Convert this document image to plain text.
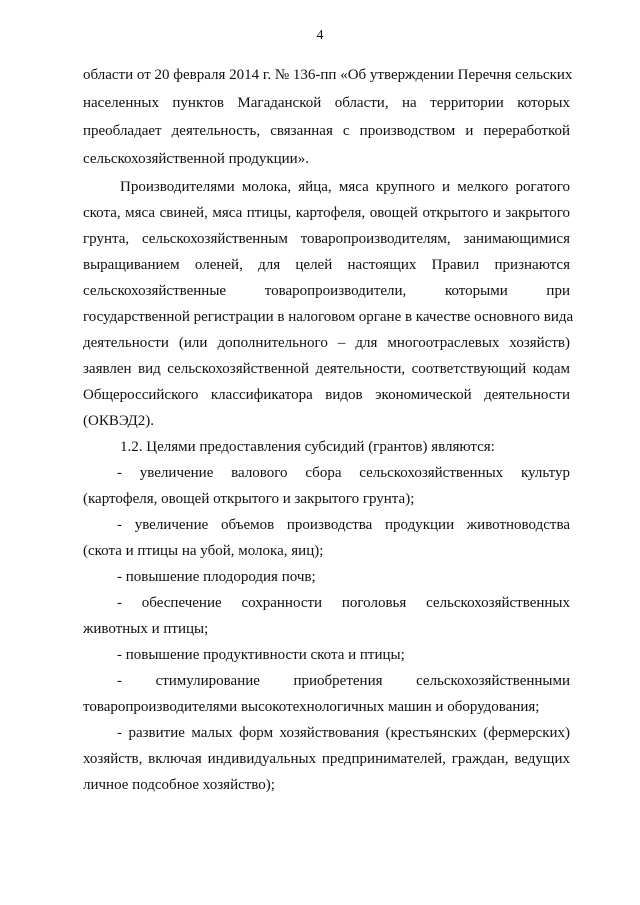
4
области от 20 февраля 2014 г. № 136-пп «Об утверждении Перечня сельских
населенных пунктов Магаданской области, на территории которых
преобладает деятельность, связанная с производством и переработкой
сельскохозяйственной продукции».
Производителями молока, яйца, мяса крупного и мелкого рогатого
скота, мяса свиней, мяса птицы, картофеля, овощей открытого и закрытого
грунта, сельскохозяйственным товаропроизводителям, занимающимися
выращиванием оленей, для целей настоящих Правил признаются
сельскохозяйственные товаропроизводители, которыми при
государственной регистрации в налоговом органе в качестве основного вида
деятельности (или дополнительного – для многоотраслевых хозяйств)
заявлен вид сельскохозяйственной деятельности, соответствующий кодам
Общероссийского классификатора видов экономической деятельности
(ОКВЭД2).
1.2. Целями предоставления субсидий (грантов) являются:
- увеличение валового сбора сельскохозяйственных культур
(картофеля, овощей открытого и закрытого грунта);
- увеличение объемов производства продукции животноводства
(скота и птицы на убой, молока, яиц);
- повышение плодородия почв;
- обеспечение сохранности поголовья сельскохозяйственных
животных и птицы;
- повышение продуктивности скота и птицы;
- стимулирование приобретения сельскохозяйственными
товаропроизводителями высокотехнологичных машин и оборудования;
- развитие малых форм хозяйствования (крестьянских (фермерских)
хозяйств, включая индивидуальных предпринимателей, граждан, ведущих
личное подсобное хозяйство);
